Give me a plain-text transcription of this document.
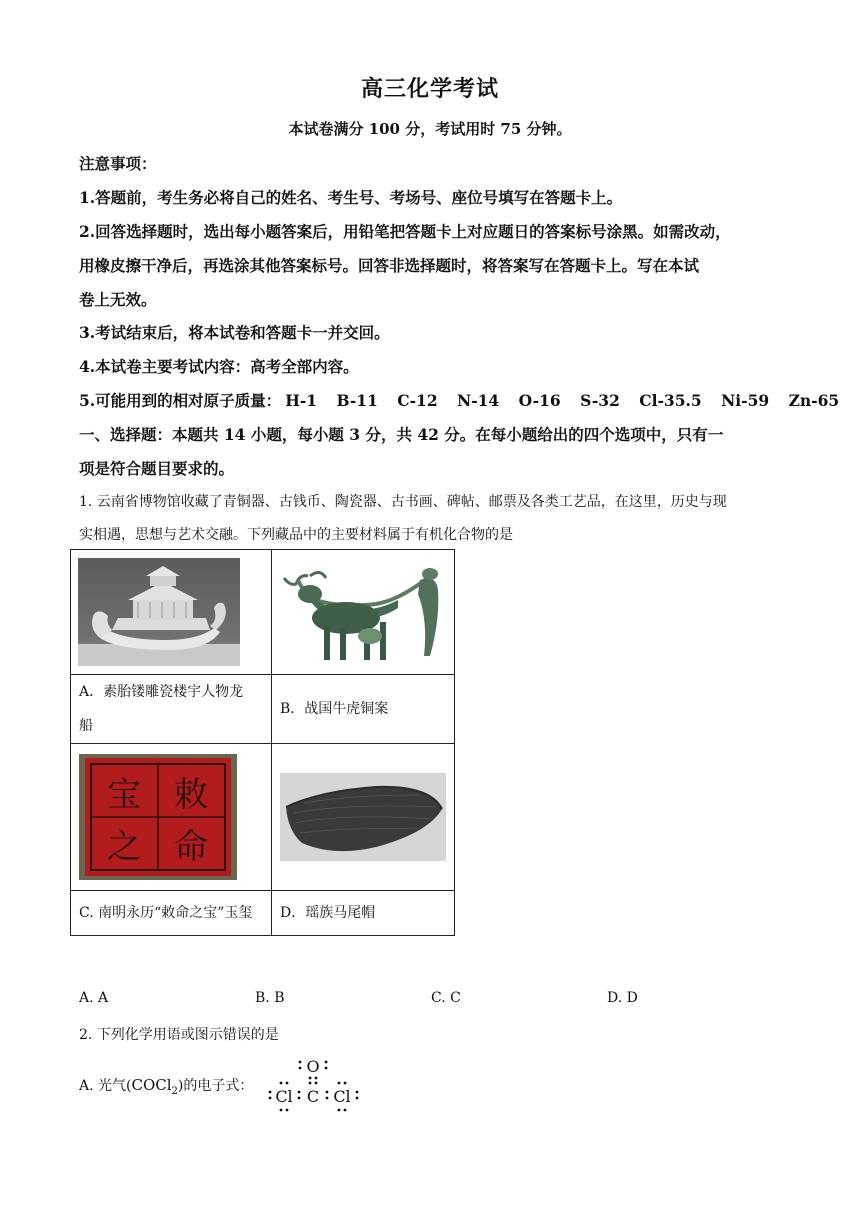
高三化学考试
本试卷满分 100 分，考试用时 75 分钟。
注意事项：
1.答题前，考生务必将自己的姓名、考生号、考场号、座位号填写在答题卡上。
2.回答选择题时，选出每小题答案后，用铅笔把答题卡上对应题日的答案标号涂黑。如需改动，
用橡皮擦干净后，再选涂其他答案标号。回答非选择题时，将答案写在答题卡上。写在本试
卷上无效。
3.考试结束后，将本试卷和答题卡一并交回。
4.本试卷主要考试内容：高考全部内容。
5.可能用到的相对原子质量： H-1 B-11 C-12 N-14 O-16 S-32 Cl-35.5 Ni-59 Zn-65
一、选择题：本题共 14 小题，每小题 3 分，共 42 分。在每小题给出的四个选项中，只有一
项是符合题目要求的。
1. 云南省博物馆收藏了青铜器、古钱币、陶瓷器、古书画、碑帖、邮票及各类工艺品，在这里，历史与现
实相遇，思想与艺术交融。下列藏品中的主要材料属于有机化合物的是

A．素胎镂雕瓷楼宇人物龙
船	B．战国牛虎铜案

宝 敕
之 命

C. 南明永历“敕命之宝”玉玺	D．瑶族马尾帽
A. A	B. B	C. C	D. D
2. 下列化学用语或图示错误的是
A. 光气(COCl$_2$)的电子式：
O
Cl C Cl
